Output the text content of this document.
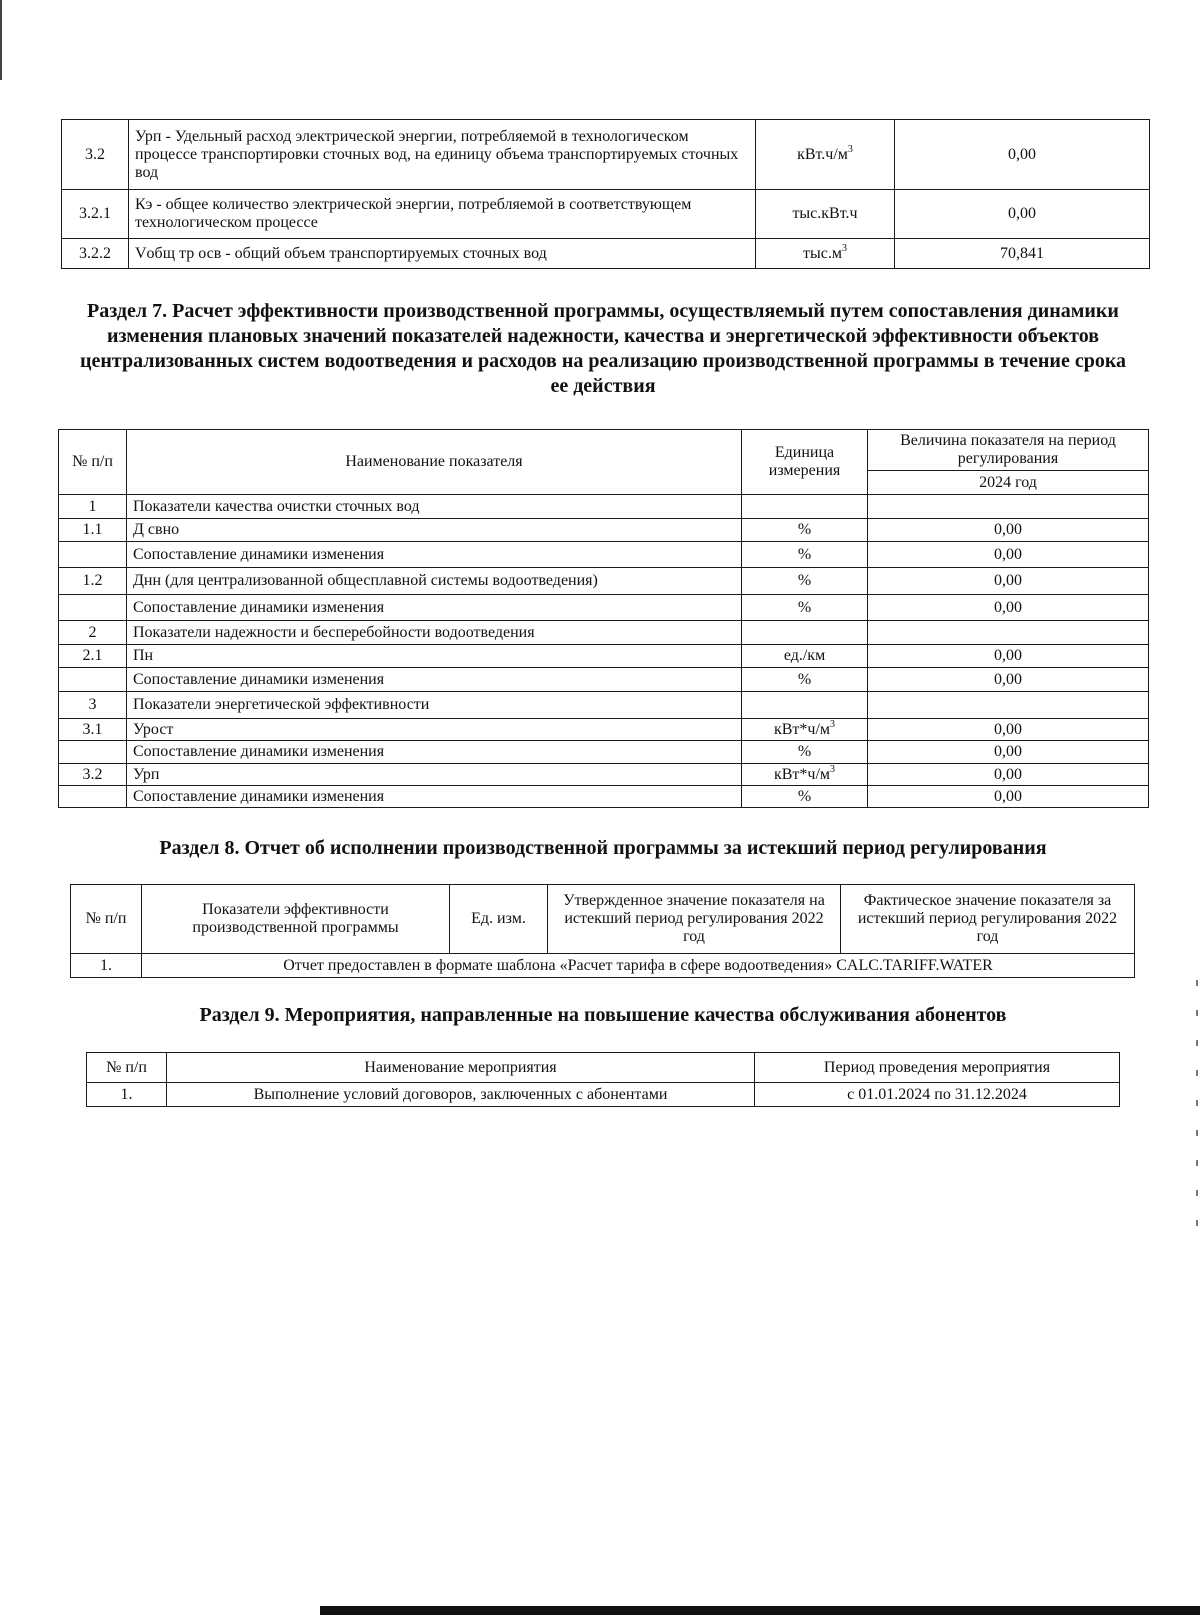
3.2	Урп - Удельный расход электрической энергии, потребляемой в технологическом процессе транспортировки сточных вод, на единицу объема транспортируемых сточных вод	$кВт.ч/м^3$	0,00
3.2.1	Кэ - общее количество электрической энергии, потребляемой в соответствующем технологическом процессе	тыс.кВт.ч	0,00
3.2.2	Vобщ тр осв - общий объем транспортируемых сточных вод	$тыс.м^3$	70,841
Раздел 7. Расчет эффективности производственной программы, осуществляемый путем сопоставления динамики изменения плановых значений показателей надежности, качества и энергетической эффективности объектов централизованных систем водоотведения и расходов на реализацию производственной программы в течение срока ее действия
№ п/п	Наименование показателя	Единица измерения	Величина показателя на период регулирования
			2024 год
1	Показатели качества очистки сточных вод		
1.1	Д свно	%	0,00
	Сопоставление динамики изменения	%	0,00
1.2	Днн (для централизованной общесплавной системы водоотведения)	%	0,00
	Сопоставление динамики изменения	%	0,00
2	Показатели надежности и бесперебойности водоотведения		
2.1	Пн	ед./км	0,00
	Сопоставление динамики изменения	%	0,00
3	Показатели энергетической эффективности		
3.1	Урост	$кВт*ч/м^3$	0,00
	Сопоставление динамики изменения	%	0,00
3.2	Урп	$кВт*ч/м^3$	0,00
	Сопоставление динамики изменения	%	0,00
Раздел 8. Отчет об исполнении производственной программы за истекший период регулирования
№ п/п	Показатели эффективности производственной программы	Ед. изм.	Утвержденное значение показателя на истекший период регулирования 2022 год	Фактическое значение показателя за истекший период регулирования 2022 год
1.	Отчет предоставлен в формате шаблона «Расчет тарифа в сфере водоотведения» CALC.TARIFF.WATER			
Раздел 9. Мероприятия, направленные на повышение качества обслуживания абонентов
№ п/п	Наименование мероприятия	Период проведения мероприятия
1.	Выполнение условий договоров, заключенных с абонентами	с 01.01.2024 по 31.12.2024
